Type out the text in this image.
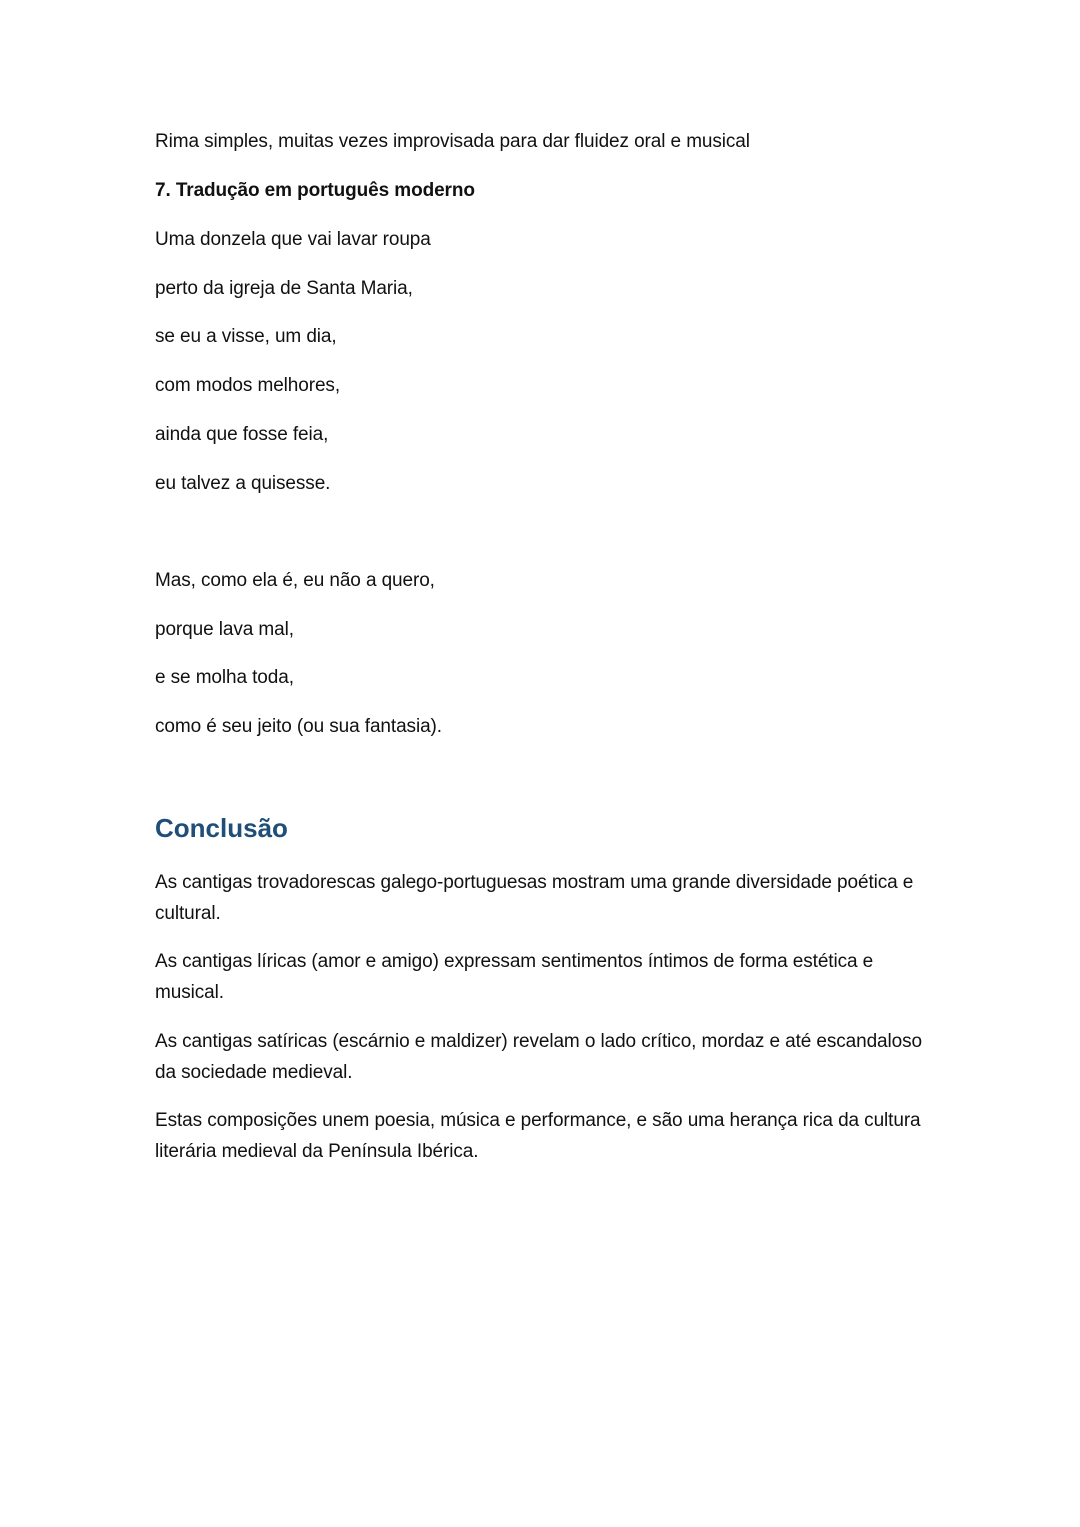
Rima simples, muitas vezes improvisada para dar fluidez oral e musical
7. Tradução em português moderno
Uma donzela que vai lavar roupa
perto da igreja de Santa Maria,
se eu a visse, um dia,
com modos melhores,
ainda que fosse feia,
eu talvez a quisesse.
Mas, como ela é, eu não a quero,
porque lava mal,
e se molha toda,
como é seu jeito (ou sua fantasia).
Conclusão
As cantigas trovadorescas galego-portuguesas mostram uma grande diversidade poética e cultural.
As cantigas líricas (amor e amigo) expressam sentimentos íntimos de forma estética e musical.
As cantigas satíricas (escárnio e maldizer) revelam o lado crítico, mordaz e até escandaloso da sociedade medieval.
Estas composições unem poesia, música e performance, e são uma herança rica da cultura literária medieval da Península Ibérica.
